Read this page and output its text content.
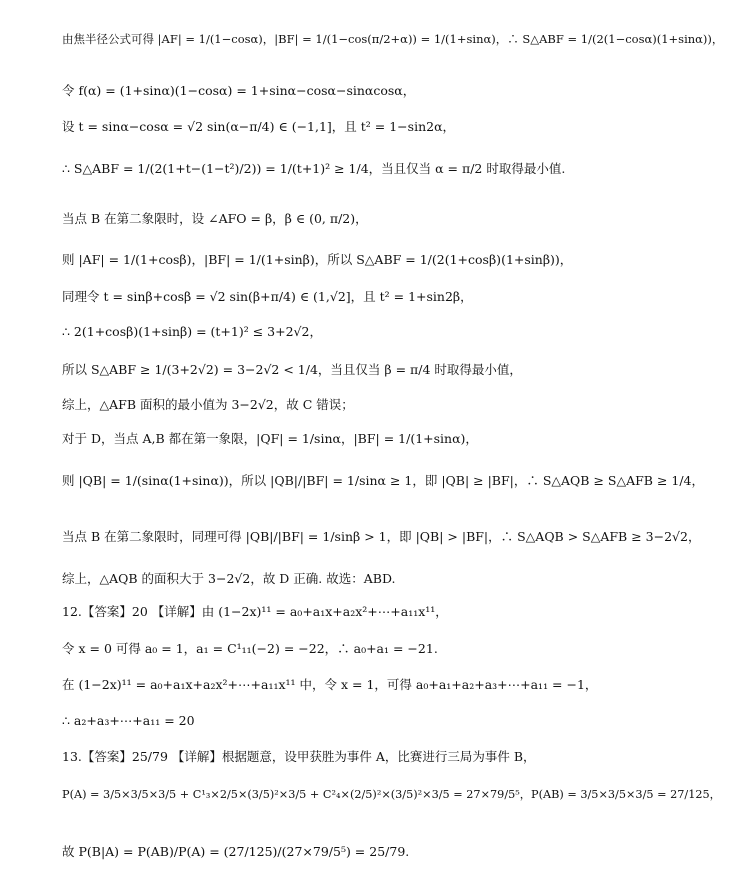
由焦半径公式可得 |AF| = 1/(1−cosα)，|BF| = 1/(1−cos(π/2+α)) = 1/(1+sinα)，∴ S△ABF = 1/(2(1−cosα)(1+sinα))，
令 f(α) = (1+sinα)(1−cosα) = 1+sinα−cosα−sinαcosα，
设 t = sinα−cosα = √2 sin(α−π/4) ∈ (−1,1]，且 t² = 1−sin2α，
∴ S△ABF = 1/(2(1+t−(1−t²)/2)) = 1/(t+1)² ≥ 1/4，当且仅当 α = π/2 时取得最小值.
当点 B 在第二象限时，设 ∠AFO = β，β ∈ (0, π/2)，
则 |AF| = 1/(1+cosβ)，|BF| = 1/(1+sinβ)，所以 S△ABF = 1/(2(1+cosβ)(1+sinβ))，
同理令 t = sinβ+cosβ = √2 sin(β+π/4) ∈ (1,√2]，且 t² = 1+sin2β，
∴ 2(1+cosβ)(1+sinβ) = (t+1)² ≤ 3+2√2，
所以 S△ABF ≥ 1/(3+2√2) = 3−2√2 < 1/4，当且仅当 β = π/4 时取得最小值，
综上，△AFB 面积的最小值为 3−2√2，故 C 错误；
对于 D，当点 A,B 都在第一象限，|QF| = 1/sinα，|BF| = 1/(1+sinα)，
则 |QB| = 1/(sinα(1+sinα))，所以 |QB|/|BF| = 1/sinα ≥ 1，即 |QB| ≥ |BF|，∴ S△AQB ≥ S△AFB ≥ 1/4，
当点 B 在第二象限时，同理可得 |QB|/|BF| = 1/sinβ > 1，即 |QB| > |BF|，∴ S△AQB > S△AFB ≥ 3−2√2，
综上，△AQB 的面积大于 3−2√2，故 D 正确. 故选：ABD.
12.【答案】20 【详解】由 (1−2x)¹¹ = a₀+a₁x+a₂x²+⋯+a₁₁x¹¹，
令 x = 0 可得 a₀ = 1，a₁ = C¹₁₁(−2) = −22，∴ a₀+a₁ = −21.
在 (1−2x)¹¹ = a₀+a₁x+a₂x²+⋯+a₁₁x¹¹ 中，令 x = 1，可得 a₀+a₁+a₂+a₃+⋯+a₁₁ = −1，
∴ a₂+a₃+⋯+a₁₁ = 20
13.【答案】25/79 【详解】根据题意，设甲获胜为事件 A，比赛进行三局为事件 B，
P(A) = 3/5×3/5×3/5 + C¹₃×2/5×(3/5)²×3/5 + C²₄×(2/5)²×(3/5)²×3/5 = 27×79/5⁵，P(AB) = 3/5×3/5×3/5 = 27/125，
故 P(B|A) = P(AB)/P(A) = (27/125)/(27×79/5⁵) = 25/79.
